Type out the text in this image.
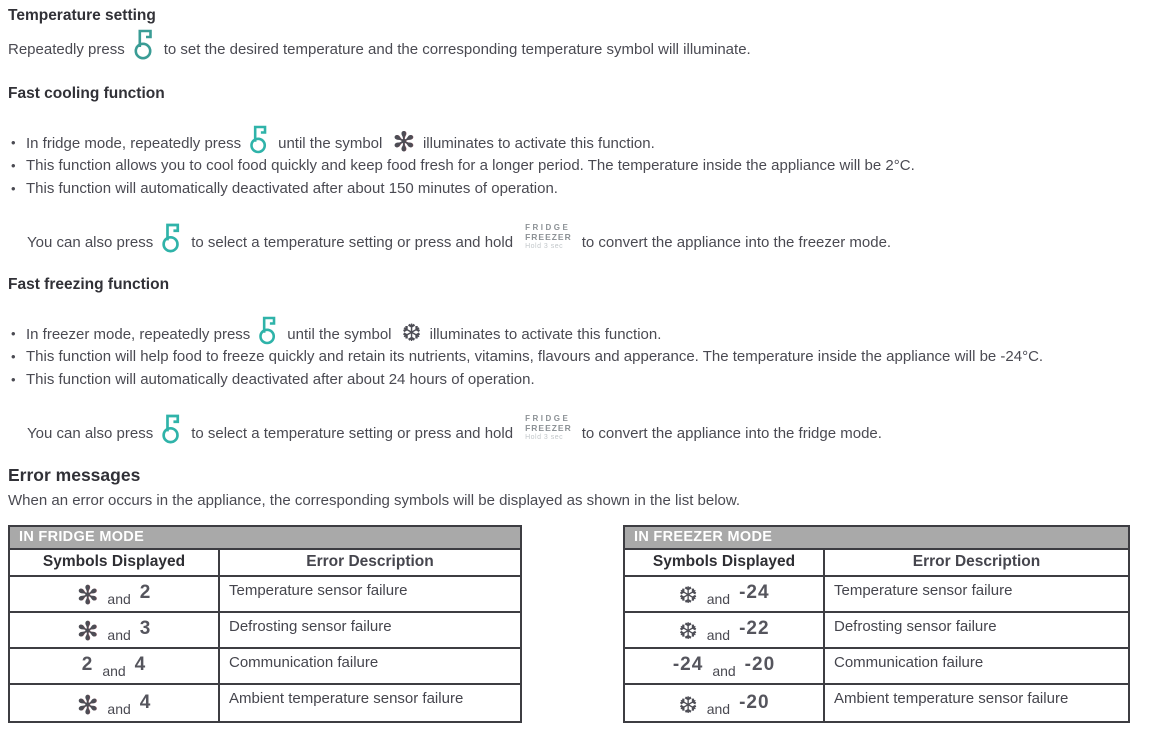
Temperature setting
Repeatedly press	to set the desired temperature and the corresponding temperature symbol will illuminate.
Fast cooling function
• In fridge mode, repeatedly press until the symbol ✻ illuminates to activate this function.
• This function allows you to cool food quickly and keep food fresh for a longer period. The temperature inside the appliance will be 2°C.
• This function will automatically deactivated after about 150 minutes of operation.
You can also press	to select a temperature setting or press and hold
FRIDGE
FREEZER
Hold 3 sec	to convert the appliance into the freezer mode.
Fast freezing function
• In freezer mode, repeatedly press until the symbol ❆ illuminates to activate this function.
• This function will help food to freeze quickly and retain its nutrients, vitamins, flavours and apperance. The temperature inside the appliance will be -24°C.
• This function will automatically deactivated after about 24 hours of operation.
You can also press	to select a temperature setting or press and hold
FRIDGE
FREEZER
Hold 3 sec	to convert the appliance into the fridge mode.
Error messages
When an error occurs in the appliance, the corresponding symbols will be displayed as shown in the list below.
IN FRIDGE MODE
Symbols Displayed	Error Description
✻ and 2	Temperature sensor failure
✻ and 3	Defrosting sensor failure
2 and 4	Communication failure
✻ and 4	Ambient temperature sensor failure
IN FREEZER MODE
Symbols Displayed	Error Description
❆ and -24	Temperature sensor failure
❆ and -22	Defrosting sensor failure
-24 and -20	Communication failure
❆ and -20	Ambient temperature sensor failure
